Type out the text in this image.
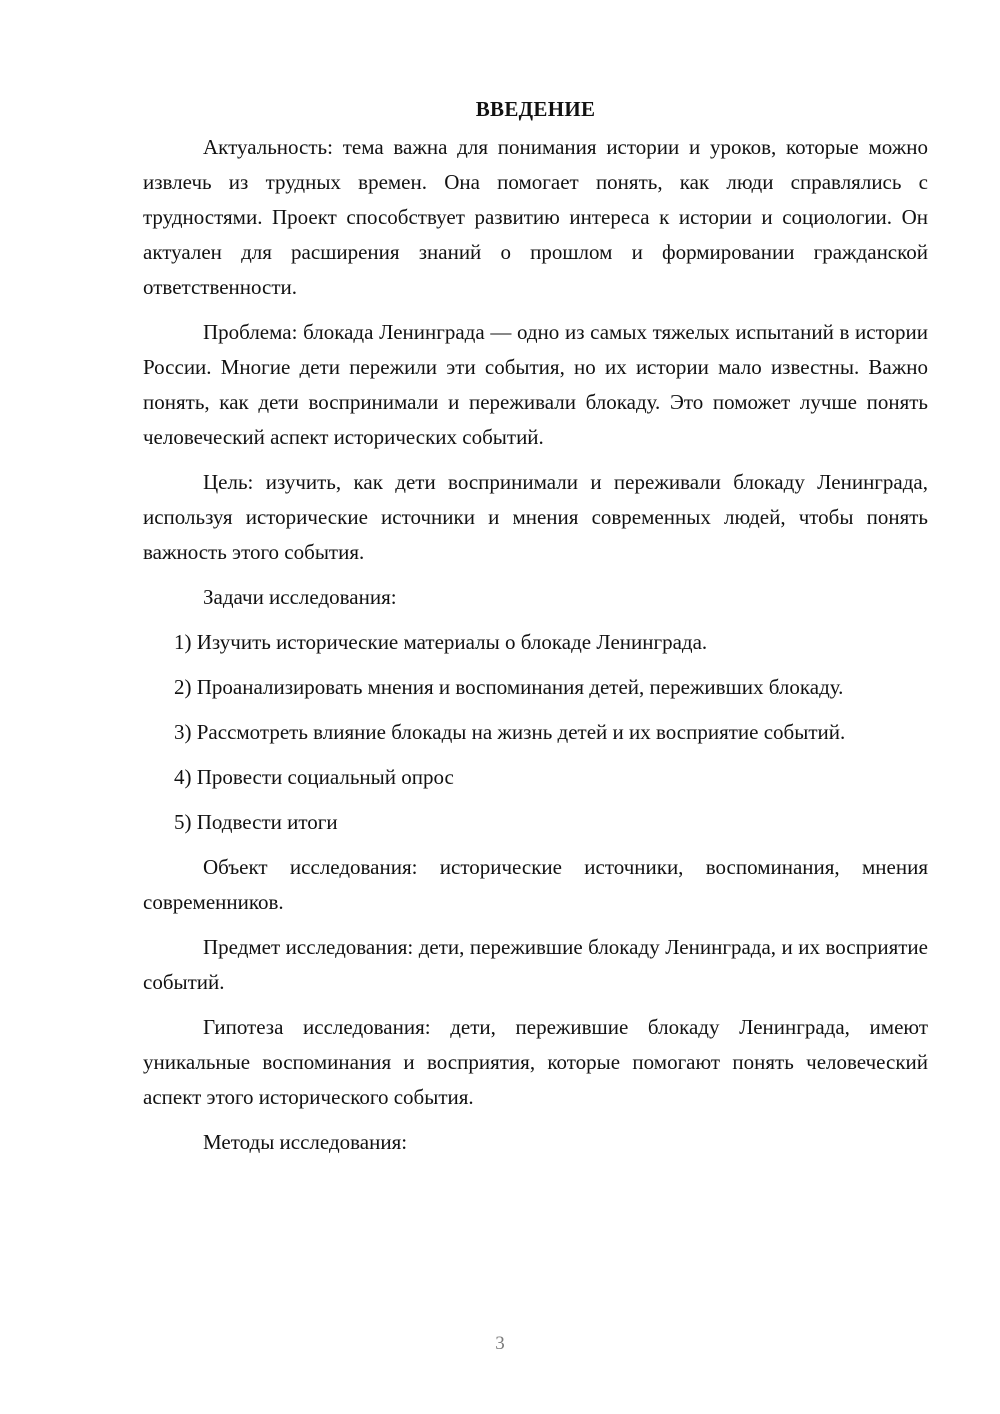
ВВЕДЕНИЕ

Актуальность: тема важна для понимания истории и уроков, которые можно извлечь из трудных времен. Она помогает понять, как люди справлялись с трудностями. Проект способствует развитию интереса к истории и социологии. Он актуален для расширения знаний о прошлом и формировании гражданской ответственности.

Проблема: блокада Ленинграда — одно из самых тяжелых испытаний в истории России. Многие дети пережили эти события, но их истории мало известны. Важно понять, как дети воспринимали и переживали блокаду. Это поможет лучше понять человеческий аспект исторических событий.

Цель: изучить, как дети воспринимали и переживали блокаду Ленинграда, используя исторические источники и мнения современных людей, чтобы понять важность этого события.

Задачи исследования:

1) Изучить исторические материалы о блокаде Ленинграда.

2) Проанализировать мнения и воспоминания детей, переживших блокаду.

3) Рассмотреть влияние блокады на жизнь детей и их восприятие событий.

4) Провести социальный опрос

5) Подвести итоги

Объект исследования: исторические источники, воспоминания, мнения современников.

Предмет исследования: дети, пережившие блокаду Ленинграда, и их восприятие событий.

Гипотеза исследования: дети, пережившие блокаду Ленинграда, имеют уникальные воспоминания и восприятия, которые помогают понять человеческий аспект этого исторического события.

Методы исследования:

3
